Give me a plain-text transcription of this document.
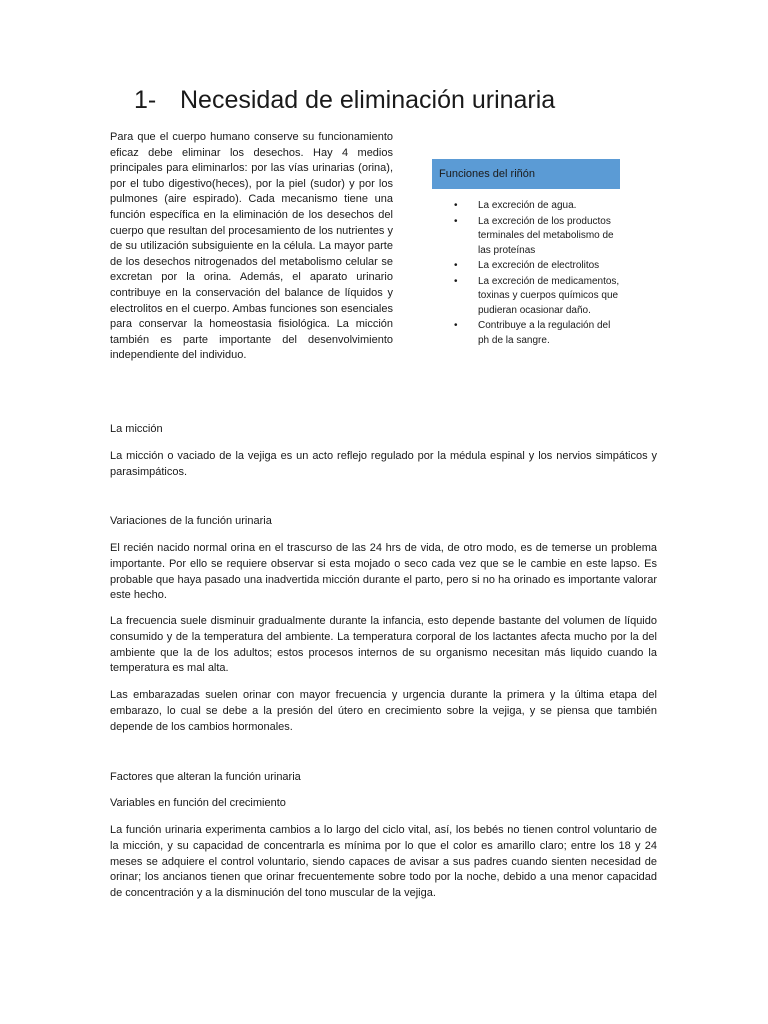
1- Necesidad de eliminación urinaria

Para que el cuerpo humano conserve su funcionamiento eficaz debe eliminar los desechos. Hay 4 medios principales para eliminarlos: por las vías urinarias (orina), por el tubo digestivo(heces), por la piel (sudor) y por los pulmones (aire espirado). Cada mecanismo tiene una función específica en la eliminación de los desechos del cuerpo que resultan del procesamiento de los nutrientes y de su utilización subsiguiente en la célula. La mayor parte de los desechos nitrogenados del metabolismo celular se excretan por la orina. Además, el aparato urinario contribuye en la conservación del balance de líquidos y electrolitos en el cuerpo. Ambas funciones son esenciales para conservar la homeostasia fisiológica. La micción también es parte importante del desenvolvimiento independiente del individuo.

Funciones del riñón
• La excreción de agua.
• La excreción de los productos terminales del metabolismo de las proteínas
• La excreción de electrolitos
• La excreción de medicamentos, toxinas y cuerpos químicos que pudieran ocasionar daño.
• Contribuye a la regulación del ph de la sangre.
La micción

La micción o vaciado de la vejiga es un acto reflejo regulado por la médula espinal y los nervios simpáticos y parasimpáticos.

Variaciones de la función urinaria

El recién nacido normal orina en el trascurso de las 24 hrs de vida, de otro modo, es de temerse un problema importante. Por ello se requiere observar si esta mojado o seco cada vez que se le cambie en este lapso. Es probable que haya pasado una inadvertida micción durante el parto, pero si no ha orinado es importante valorar este hecho.

La frecuencia suele disminuir gradualmente durante la infancia, esto depende bastante del volumen de líquido consumido y de la temperatura del ambiente. La temperatura corporal de los lactantes afecta mucho por la del ambiente que la de los adultos; estos procesos internos de su organismo necesitan más liquido cuando la temperatura es mal alta.

Las embarazadas suelen orinar con mayor frecuencia y urgencia durante la primera y la última etapa del embarazo, lo cual se debe a la presión del útero en crecimiento sobre la vejiga, y se piensa que también depende de los cambios hormonales.

Factores que alteran la función urinaria
Variables en función del crecimiento

La función urinaria experimenta cambios a lo largo del ciclo vital, así, los bebés no tienen control voluntario de la micción, y su capacidad de concentrarla es mínima por lo que el color es amarillo claro; entre los 18 y 24 meses se adquiere el control voluntario, siendo capaces de avisar a sus padres cuando sienten necesidad de orinar; los ancianos tienen que orinar frecuentemente sobre todo por la noche, debido a una menor capacidad de concentración y a la disminución del tono muscular de la vejiga.
